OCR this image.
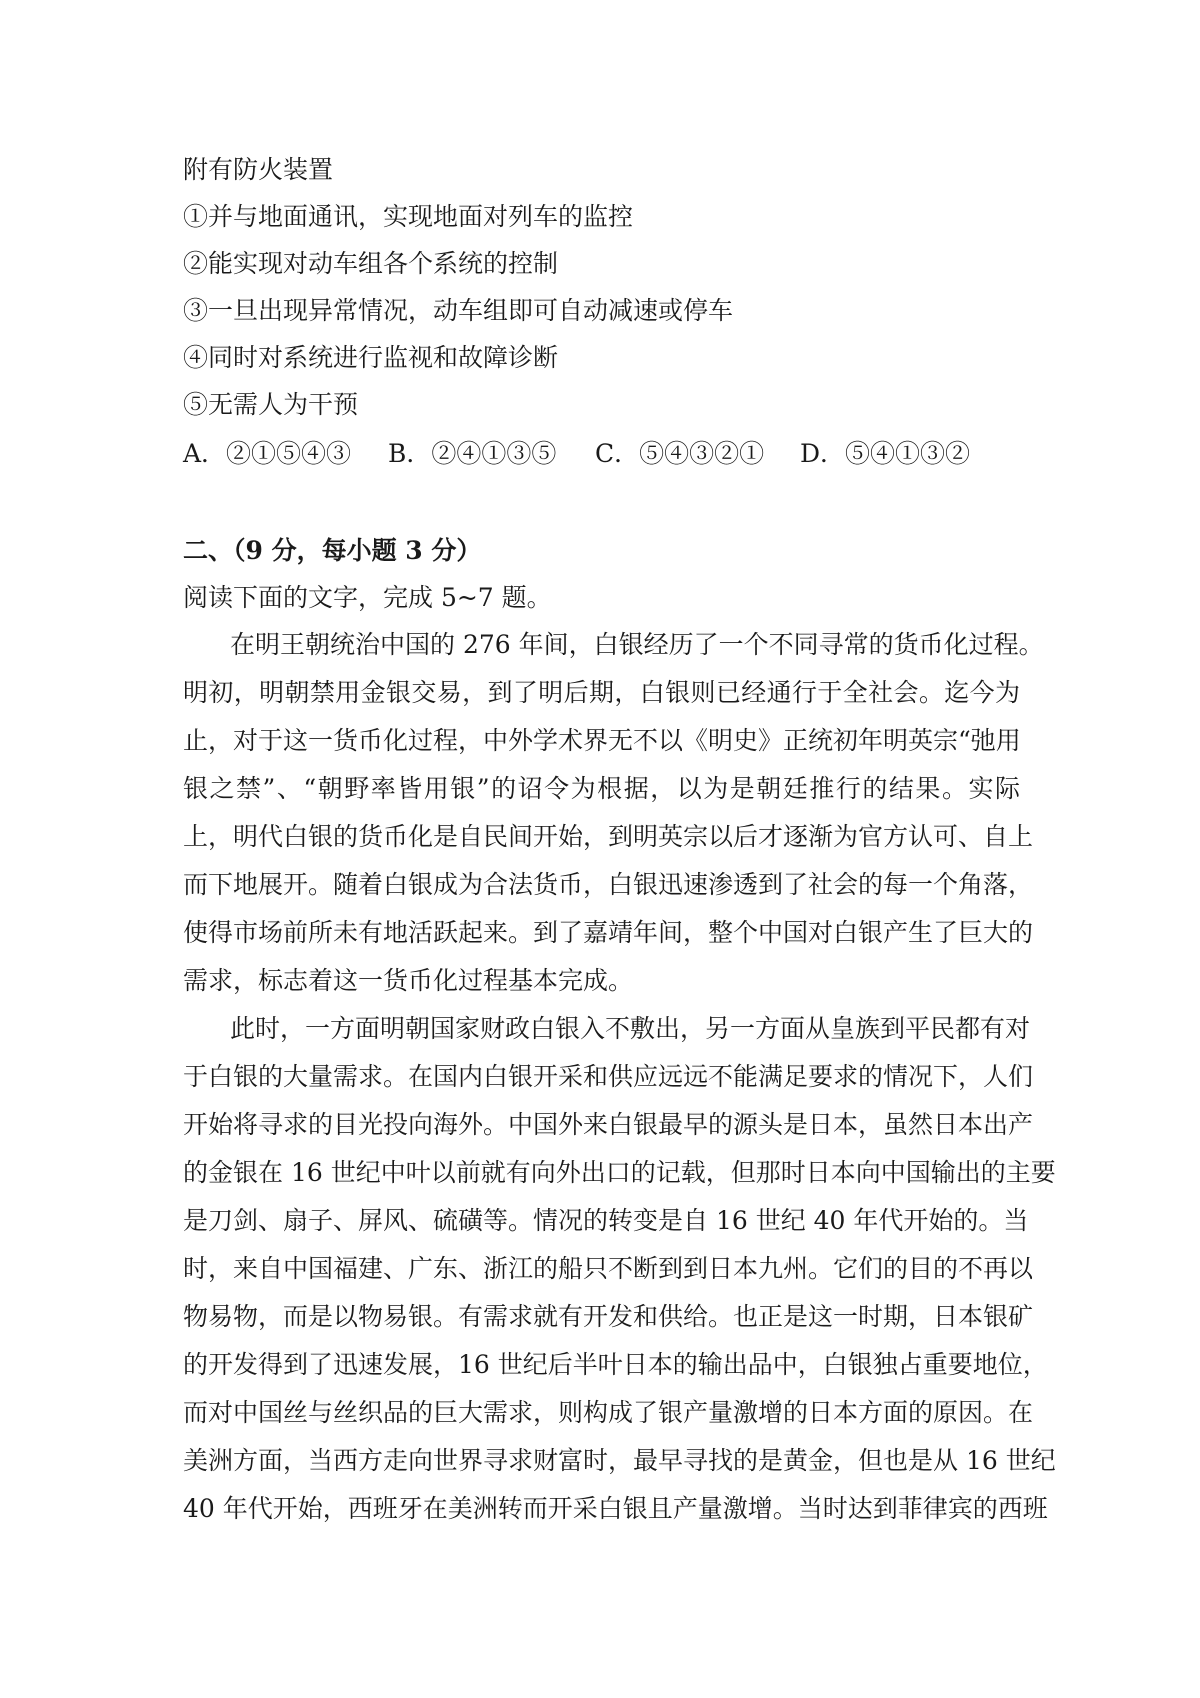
附有防火装置
①并与地面通讯，实现地面对列车的监控
②能实现对动车组各个系统的控制
③一旦出现异常情况，动车组即可自动减速或停车
④同时对系统进行监视和故障诊断
⑤无需人为干预
A．②①⑤④③ B．②④①③⑤ C．⑤④③②① D．⑤④①③②
二、（9 分，每小题 3 分）
阅读下面的文字，完成 5~7 题。
在明王朝统治中国的 276 年间，白银经历了一个不同寻常的货币化过程。
明初，明朝禁用金银交易，到了明后期，白银则已经通行于全社会。迄今为
止，对于这一货币化过程，中外学术界无不以《明史》正统初年明英宗“弛用
银之禁”、“朝野率皆用银”的诏令为根据，以为是朝廷推行的结果。实际
上，明代白银的货币化是自民间开始，到明英宗以后才逐渐为官方认可、自上
而下地展开。随着白银成为合法货币，白银迅速渗透到了社会的每一个角落，
使得市场前所未有地活跃起来。到了嘉靖年间，整个中国对白银产生了巨大的
需求，标志着这一货币化过程基本完成。
此时，一方面明朝国家财政白银入不敷出，另一方面从皇族到平民都有对
于白银的大量需求。在国内白银开采和供应远远不能满足要求的情况下，人们
开始将寻求的目光投向海外。中国外来白银最早的源头是日本，虽然日本出产
的金银在 16 世纪中叶以前就有向外出口的记载，但那时日本向中国输出的主要
是刀剑、扇子、屏风、硫磺等。情况的转变是自 16 世纪 40 年代开始的。当
时，来自中国福建、广东、浙江的船只不断到到日本九州。它们的目的不再以
物易物，而是以物易银。有需求就有开发和供给。也正是这一时期，日本银矿
的开发得到了迅速发展，16 世纪后半叶日本的输出品中，白银独占重要地位，
而对中国丝与丝织品的巨大需求，则构成了银产量激增的日本方面的原因。在
美洲方面，当西方走向世界寻求财富时，最早寻找的是黄金，但也是从 16 世纪
40 年代开始，西班牙在美洲转而开采白银且产量激增。当时达到菲律宾的西班
